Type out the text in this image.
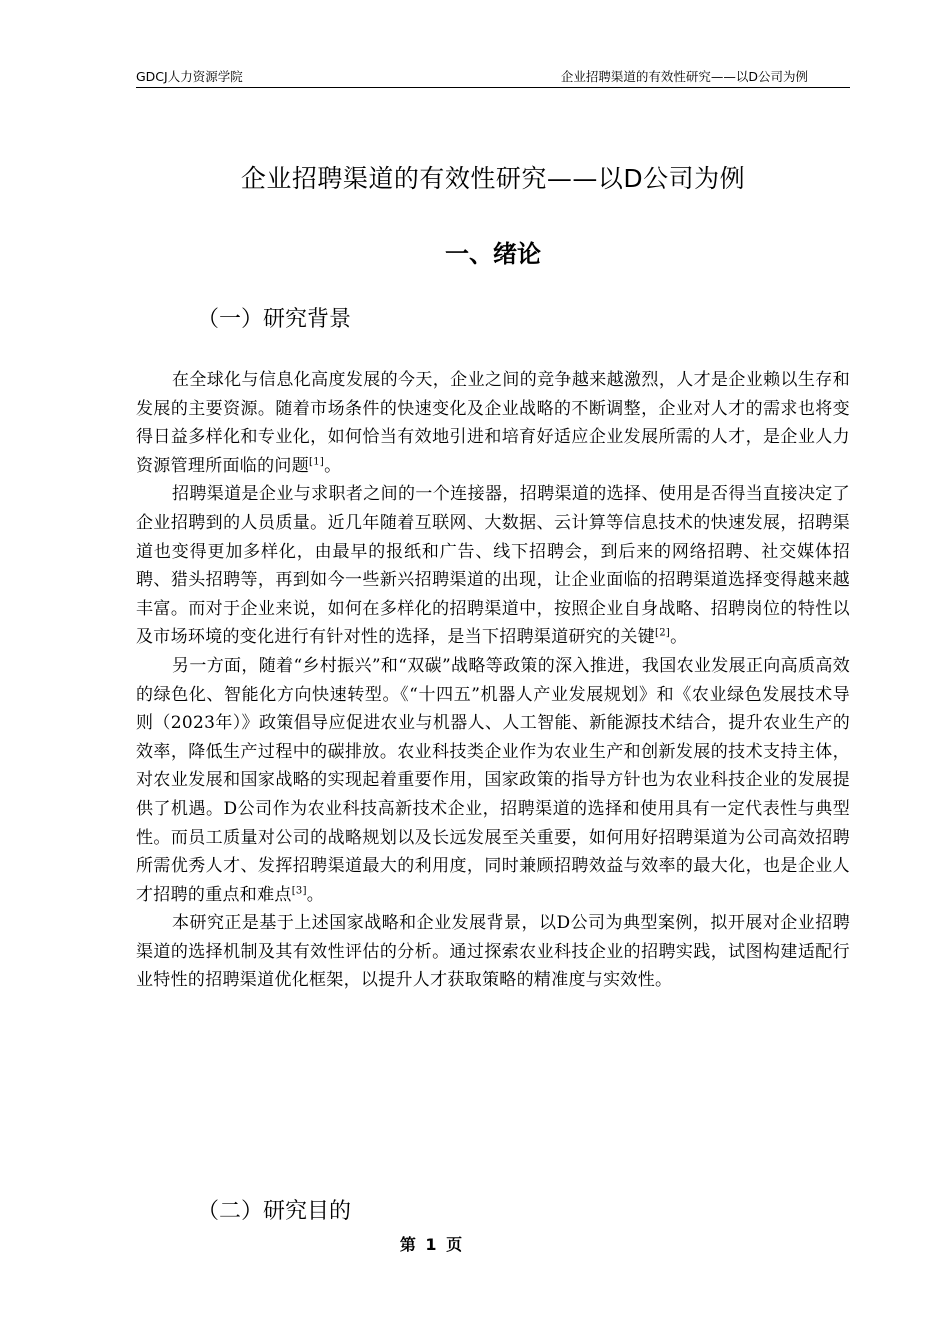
GDCJ人力资源学院	企业招聘渠道的有效性研究——以D公司为例
企业招聘渠道的有效性研究——以D公司为例
一、绪论
（一）研究背景

在全球化与信息化高度发展的今天，企业之间的竞争越来越激烈，人才是企业赖以生存和发展的主要资源。随着市场条件的快速变化及企业战略的不断调整，企业对人才的需求也将变得日益多样化和专业化，如何恰当有效地引进和培育好适应企业发展所需的人才，是企业人力资源管理所面临的问题[1]。

招聘渠道是企业与求职者之间的一个连接器，招聘渠道的选择、使用是否得当直接决定了企业招聘到的人员质量。近几年随着互联网、大数据、云计算等信息技术的快速发展，招聘渠道也变得更加多样化，由最早的报纸和广告、线下招聘会，到后来的网络招聘、社交媒体招聘、猎头招聘等，再到如今一些新兴招聘渠道的出现，让企业面临的招聘渠道选择变得越来越丰富。而对于企业来说，如何在多样化的招聘渠道中，按照企业自身战略、招聘岗位的特性以及市场环境的变化进行有针对性的选择，是当下招聘渠道研究的关键[2]。

另一方面，随着“乡村振兴”和“双碳”战略等政策的深入推进，我国农业发展正向高质高效的绿色化、智能化方向快速转型。《“十四五”机器人产业发展规划》和《农业绿色发展技术导则（2023年）》政策倡导应促进农业与机器人、人工智能、新能源技术结合，提升农业生产的效率，降低生产过程中的碳排放。农业科技类企业作为农业生产和创新发展的技术支持主体，对农业发展和国家战略的实现起着重要作用，国家政策的指导方针也为农业科技企业的发展提供了机遇。D公司作为农业科技高新技术企业，招聘渠道的选择和使用具有一定代表性与典型性。而员工质量对公司的战略规划以及长远发展至关重要，如何用好招聘渠道为公司高效招聘所需优秀人才、发挥招聘渠道最大的利用度，同时兼顾招聘效益与效率的最大化，也是企业人才招聘的重点和难点[3]。

本研究正是基于上述国家战略和企业发展背景，以D公司为典型案例，拟开展对企业招聘渠道的选择机制及其有效性评估的分析。通过探索农业科技企业的招聘实践，试图构建适配行业特性的招聘渠道优化框架，以提升人才获取策略的精准度与实效性。

（二）研究目的
第 1 页
